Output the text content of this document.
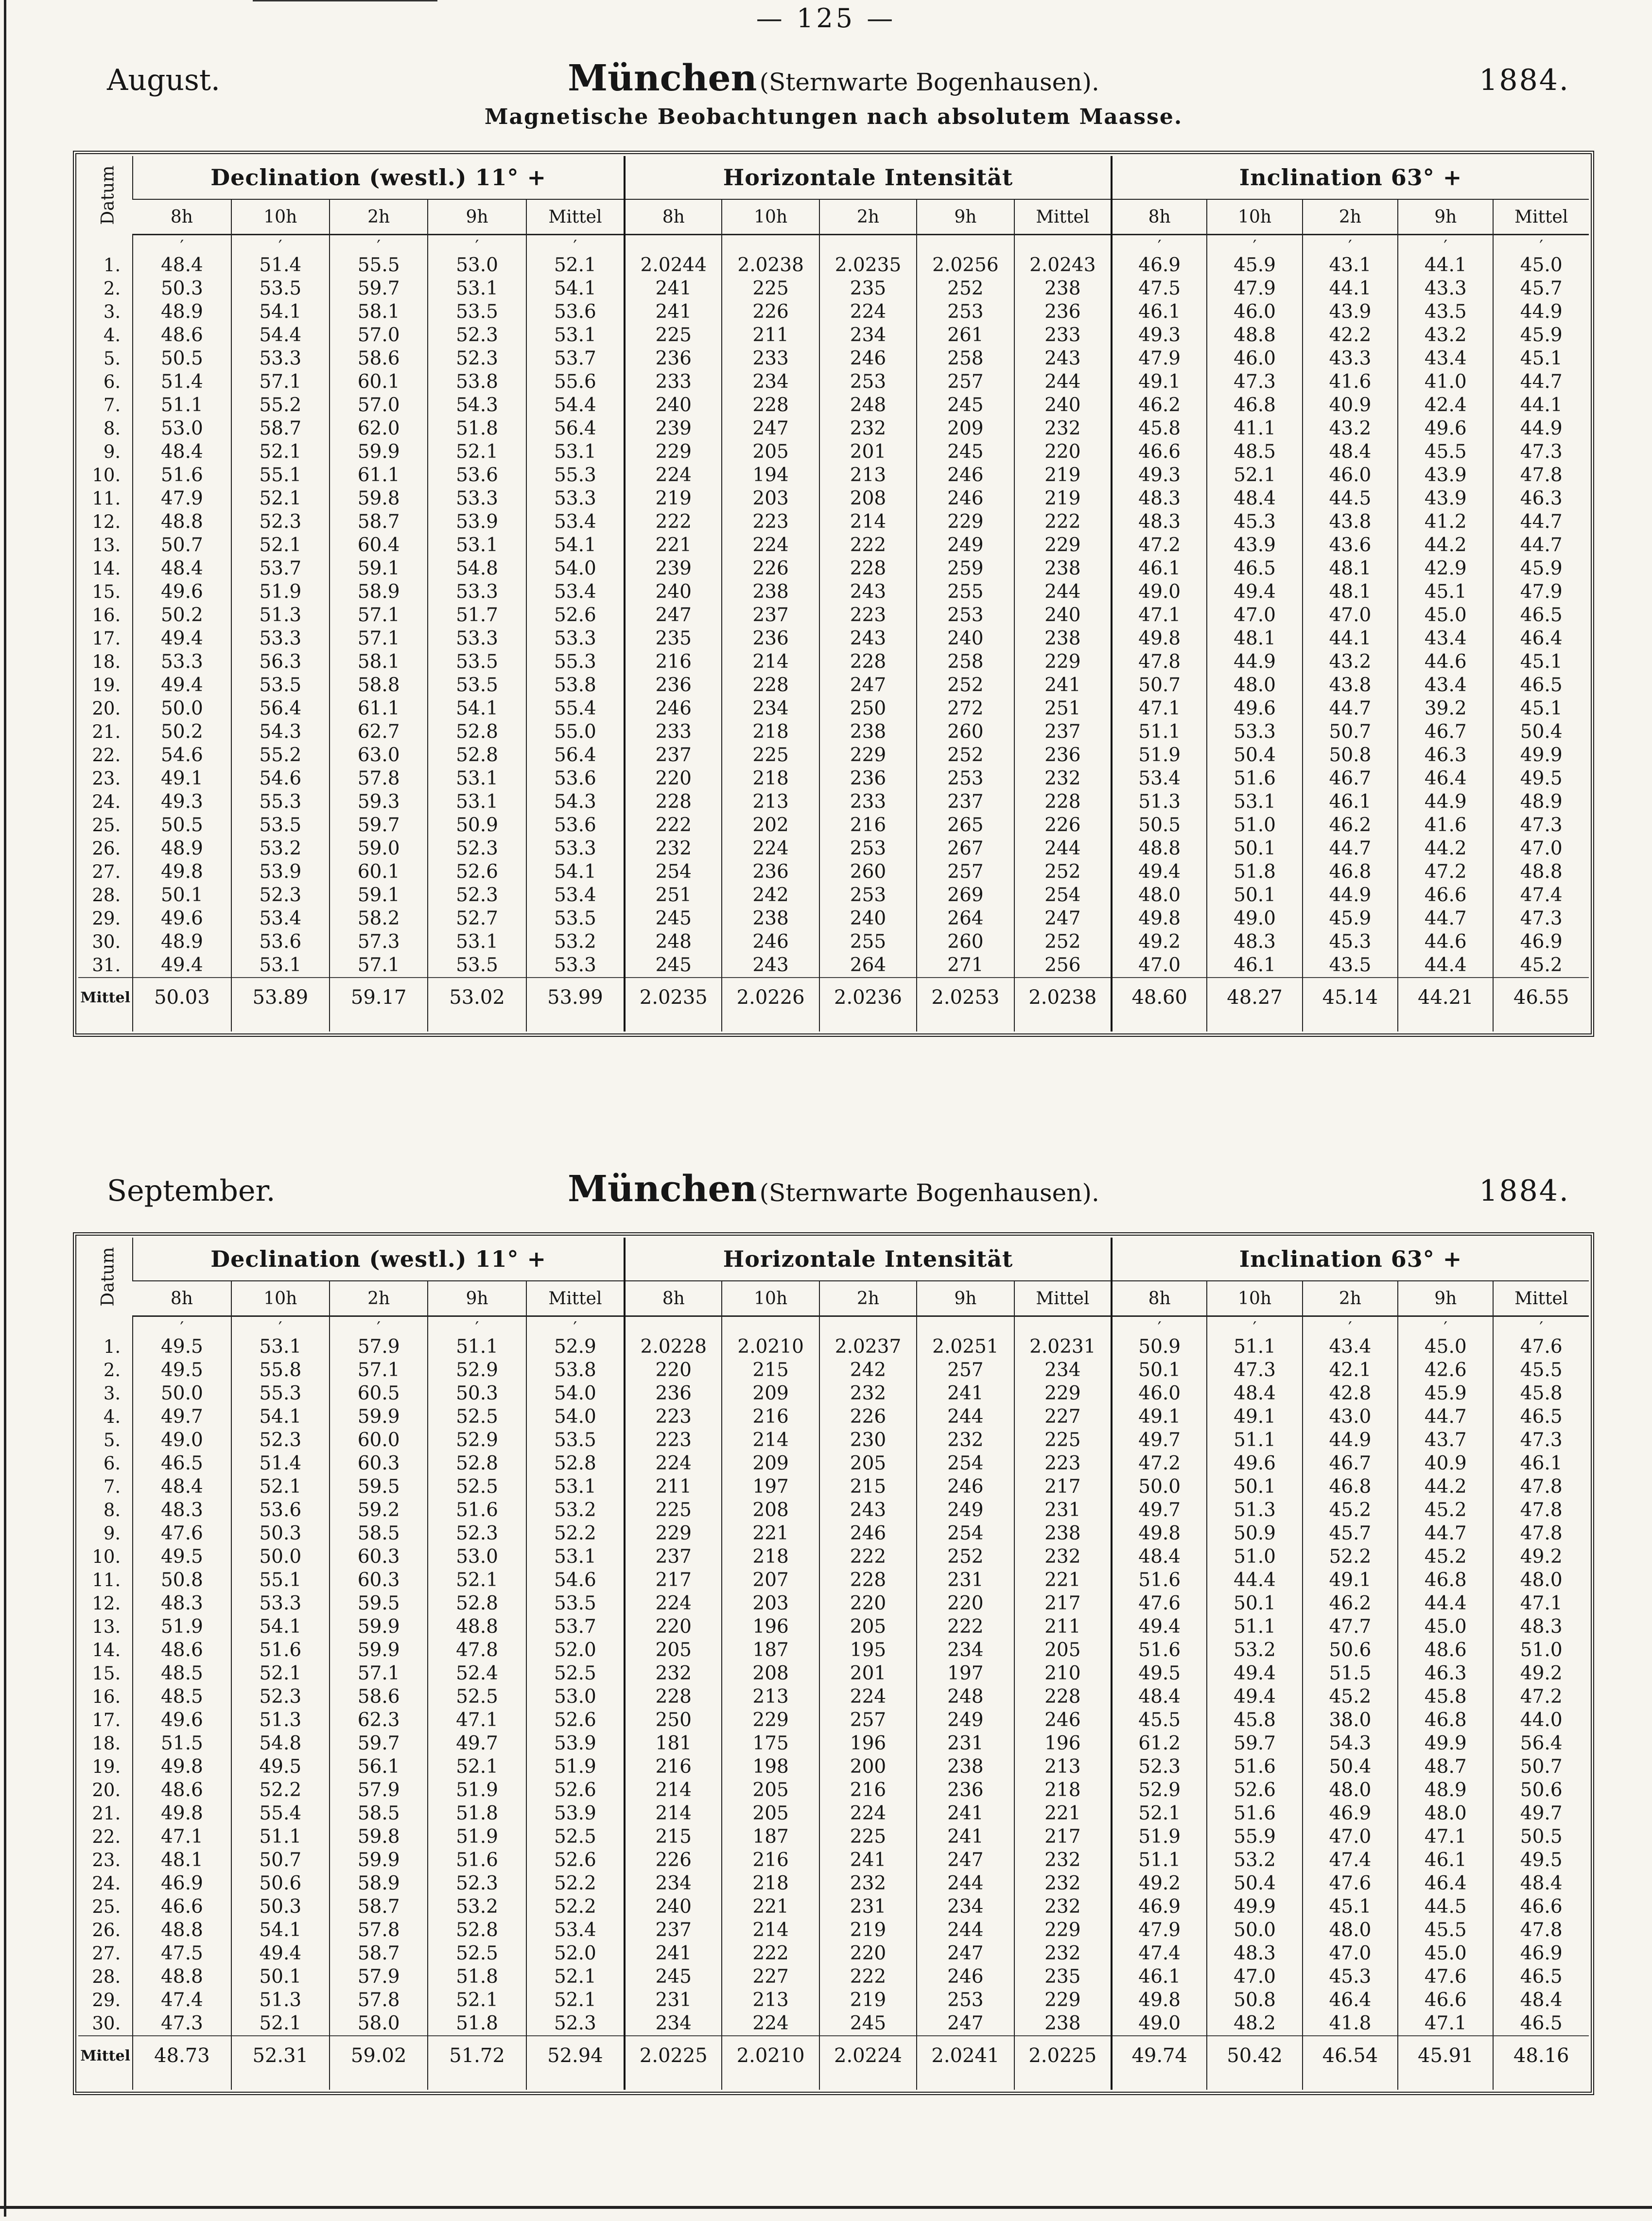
— 125 —
August.	München (Sternwarte Bogenhausen).	1884.
Magnetische Beobachtungen nach absolutem Maasse.
Datum	Declination (westl.) 11° +					Horizontale Intensität					Inclination 63° +				
	8h	10h	2h	9h	Mittel	8h	10h	2h	9h	Mittel	8h	10h	2h	9h	Mittel
	′	′	′	′	′						′	′	′	′	′
1.	48.4	51.4	55.5	53.0	52.1	2.0244	2.0238	2.0235	2.0256	2.0243	46.9	45.9	43.1	44.1	45.0
2.	50.3	53.5	59.7	53.1	54.1	241	225	235	252	238	47.5	47.9	44.1	43.3	45.7
3.	48.9	54.1	58.1	53.5	53.6	241	226	224	253	236	46.1	46.0	43.9	43.5	44.9
4.	48.6	54.4	57.0	52.3	53.1	225	211	234	261	233	49.3	48.8	42.2	43.2	45.9
5.	50.5	53.3	58.6	52.3	53.7	236	233	246	258	243	47.9	46.0	43.3	43.4	45.1
6.	51.4	57.1	60.1	53.8	55.6	233	234	253	257	244	49.1	47.3	41.6	41.0	44.7
7.	51.1	55.2	57.0	54.3	54.4	240	228	248	245	240	46.2	46.8	40.9	42.4	44.1
8.	53.0	58.7	62.0	51.8	56.4	239	247	232	209	232	45.8	41.1	43.2	49.6	44.9
9.	48.4	52.1	59.9	52.1	53.1	229	205	201	245	220	46.6	48.5	48.4	45.5	47.3
10.	51.6	55.1	61.1	53.6	55.3	224	194	213	246	219	49.3	52.1	46.0	43.9	47.8
11.	47.9	52.1	59.8	53.3	53.3	219	203	208	246	219	48.3	48.4	44.5	43.9	46.3
12.	48.8	52.3	58.7	53.9	53.4	222	223	214	229	222	48.3	45.3	43.8	41.2	44.7
13.	50.7	52.1	60.4	53.1	54.1	221	224	222	249	229	47.2	43.9	43.6	44.2	44.7
14.	48.4	53.7	59.1	54.8	54.0	239	226	228	259	238	46.1	46.5	48.1	42.9	45.9
15.	49.6	51.9	58.9	53.3	53.4	240	238	243	255	244	49.0	49.4	48.1	45.1	47.9
16.	50.2	51.3	57.1	51.7	52.6	247	237	223	253	240	47.1	47.0	47.0	45.0	46.5
17.	49.4	53.3	57.1	53.3	53.3	235	236	243	240	238	49.8	48.1	44.1	43.4	46.4
18.	53.3	56.3	58.1	53.5	55.3	216	214	228	258	229	47.8	44.9	43.2	44.6	45.1
19.	49.4	53.5	58.8	53.5	53.8	236	228	247	252	241	50.7	48.0	43.8	43.4	46.5
20.	50.0	56.4	61.1	54.1	55.4	246	234	250	272	251	47.1	49.6	44.7	39.2	45.1
21.	50.2	54.3	62.7	52.8	55.0	233	218	238	260	237	51.1	53.3	50.7	46.7	50.4
22.	54.6	55.2	63.0	52.8	56.4	237	225	229	252	236	51.9	50.4	50.8	46.3	49.9
23.	49.1	54.6	57.8	53.1	53.6	220	218	236	253	232	53.4	51.6	46.7	46.4	49.5
24.	49.3	55.3	59.3	53.1	54.3	228	213	233	237	228	51.3	53.1	46.1	44.9	48.9
25.	50.5	53.5	59.7	50.9	53.6	222	202	216	265	226	50.5	51.0	46.2	41.6	47.3
26.	48.9	53.2	59.0	52.3	53.3	232	224	253	267	244	48.8	50.1	44.7	44.2	47.0
27.	49.8	53.9	60.1	52.6	54.1	254	236	260	257	252	49.4	51.8	46.8	47.2	48.8
28.	50.1	52.3	59.1	52.3	53.4	251	242	253	269	254	48.0	50.1	44.9	46.6	47.4
29.	49.6	53.4	58.2	52.7	53.5	245	238	240	264	247	49.8	49.0	45.9	44.7	47.3
30.	48.9	53.6	57.3	53.1	53.2	248	246	255	260	252	49.2	48.3	45.3	44.6	46.9
31.	49.4	53.1	57.1	53.5	53.3	245	243	264	271	256	47.0	46.1	43.5	44.4	45.2
Mittel	50.03	53.89	59.17	53.02	53.99	2.0235	2.0226	2.0236	2.0253	2.0238	48.60	48.27	45.14	44.21	46.55

September.	München (Sternwarte Bogenhausen).	1884.
Datum	Declination (westl.) 11° +					Horizontale Intensität					Inclination 63° +				
	8h	10h	2h	9h	Mittel	8h	10h	2h	9h	Mittel	8h	10h	2h	9h	Mittel
	′	′	′	′	′						′	′	′	′	′
1.	49.5	53.1	57.9	51.1	52.9	2.0228	2.0210	2.0237	2.0251	2.0231	50.9	51.1	43.4	45.0	47.6
2.	49.5	55.8	57.1	52.9	53.8	220	215	242	257	234	50.1	47.3	42.1	42.6	45.5
3.	50.0	55.3	60.5	50.3	54.0	236	209	232	241	229	46.0	48.4	42.8	45.9	45.8
4.	49.7	54.1	59.9	52.5	54.0	223	216	226	244	227	49.1	49.1	43.0	44.7	46.5
5.	49.0	52.3	60.0	52.9	53.5	223	214	230	232	225	49.7	51.1	44.9	43.7	47.3
6.	46.5	51.4	60.3	52.8	52.8	224	209	205	254	223	47.2	49.6	46.7	40.9	46.1
7.	48.4	52.1	59.5	52.5	53.1	211	197	215	246	217	50.0	50.1	46.8	44.2	47.8
8.	48.3	53.6	59.2	51.6	53.2	225	208	243	249	231	49.7	51.3	45.2	45.2	47.8
9.	47.6	50.3	58.5	52.3	52.2	229	221	246	254	238	49.8	50.9	45.7	44.7	47.8
10.	49.5	50.0	60.3	53.0	53.1	237	218	222	252	232	48.4	51.0	52.2	45.2	49.2
11.	50.8	55.1	60.3	52.1	54.6	217	207	228	231	221	51.6	44.4	49.1	46.8	48.0
12.	48.3	53.3	59.5	52.8	53.5	224	203	220	220	217	47.6	50.1	46.2	44.4	47.1
13.	51.9	54.1	59.9	48.8	53.7	220	196	205	222	211	49.4	51.1	47.7	45.0	48.3
14.	48.6	51.6	59.9	47.8	52.0	205	187	195	234	205	51.6	53.2	50.6	48.6	51.0
15.	48.5	52.1	57.1	52.4	52.5	232	208	201	197	210	49.5	49.4	51.5	46.3	49.2
16.	48.5	52.3	58.6	52.5	53.0	228	213	224	248	228	48.4	49.4	45.2	45.8	47.2
17.	49.6	51.3	62.3	47.1	52.6	250	229	257	249	246	45.5	45.8	38.0	46.8	44.0
18.	51.5	54.8	59.7	49.7	53.9	181	175	196	231	196	61.2	59.7	54.3	49.9	56.4
19.	49.8	49.5	56.1	52.1	51.9	216	198	200	238	213	52.3	51.6	50.4	48.7	50.7
20.	48.6	52.2	57.9	51.9	52.6	214	205	216	236	218	52.9	52.6	48.0	48.9	50.6
21.	49.8	55.4	58.5	51.8	53.9	214	205	224	241	221	52.1	51.6	46.9	48.0	49.7
22.	47.1	51.1	59.8	51.9	52.5	215	187	225	241	217	51.9	55.9	47.0	47.1	50.5
23.	48.1	50.7	59.9	51.6	52.6	226	216	241	247	232	51.1	53.2	47.4	46.1	49.5
24.	46.9	50.6	58.9	52.3	52.2	234	218	232	244	232	49.2	50.4	47.6	46.4	48.4
25.	46.6	50.3	58.7	53.2	52.2	240	221	231	234	232	46.9	49.9	45.1	44.5	46.6
26.	48.8	54.1	57.8	52.8	53.4	237	214	219	244	229	47.9	50.0	48.0	45.5	47.8
27.	47.5	49.4	58.7	52.5	52.0	241	222	220	247	232	47.4	48.3	47.0	45.0	46.9
28.	48.8	50.1	57.9	51.8	52.1	245	227	222	246	235	46.1	47.0	45.3	47.6	46.5
29.	47.4	51.3	57.8	52.1	52.1	231	213	219	253	229	49.8	50.8	46.4	46.6	48.4
30.	47.3	52.1	58.0	51.8	52.3	234	224	245	247	238	49.0	48.2	41.8	47.1	46.5
Mittel	48.73	52.31	59.02	51.72	52.94	2.0225	2.0210	2.0224	2.0241	2.0225	49.74	50.42	46.54	45.91	48.16
